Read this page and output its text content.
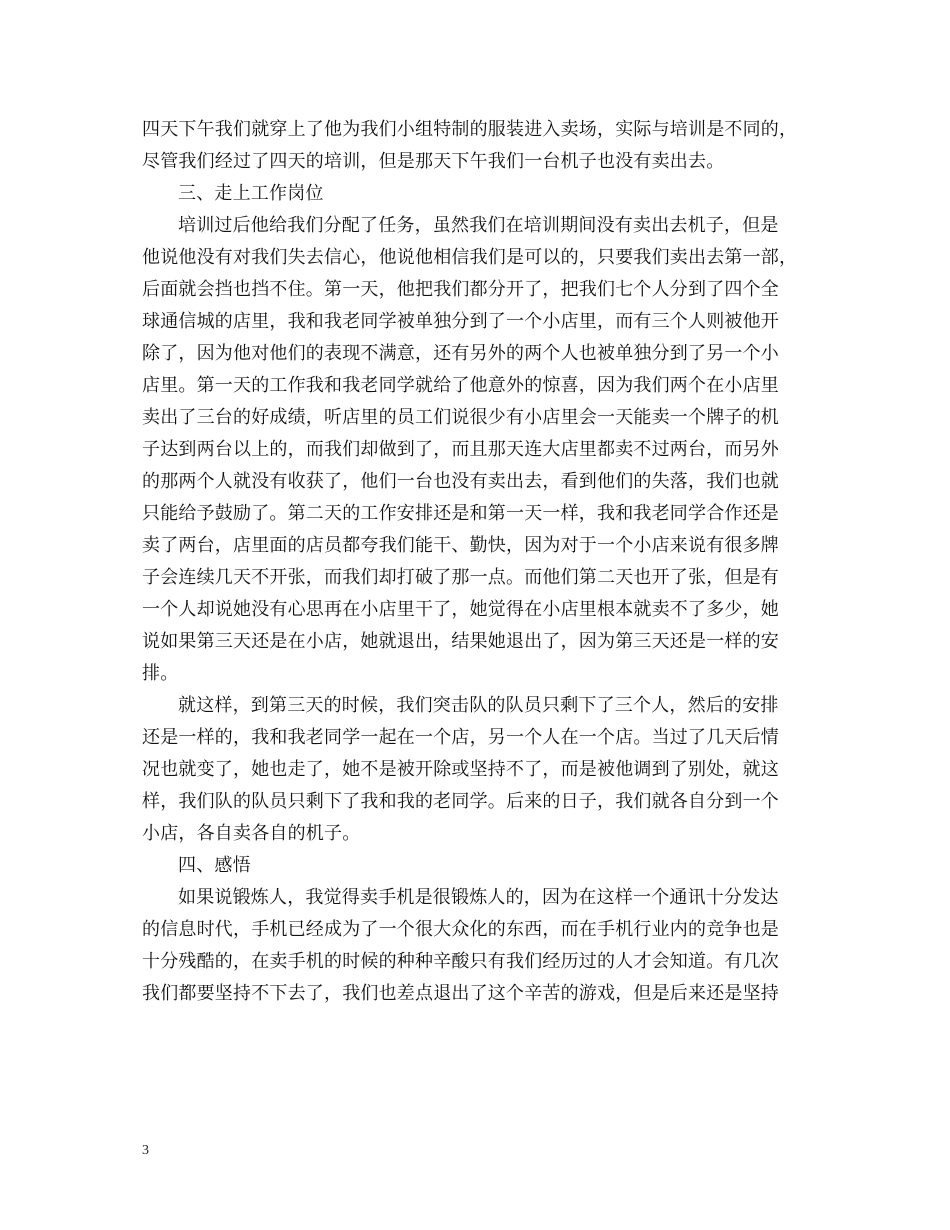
四天下午我们就穿上了他为我们小组特制的服装进入卖场，实际与培训是不同的，
尽管我们经过了四天的培训，但是那天下午我们一台机子也没有卖出去。
三、走上工作岗位
培训过后他给我们分配了任务，虽然我们在培训期间没有卖出去机子，但是
他说他没有对我们失去信心，他说他相信我们是可以的，只要我们卖出去第一部，
后面就会挡也挡不住。第一天，他把我们都分开了，把我们七个人分到了四个全
球通信城的店里，我和我老同学被单独分到了一个小店里，而有三个人则被他开
除了，因为他对他们的表现不满意，还有另外的两个人也被单独分到了另一个小
店里。第一天的工作我和我老同学就给了他意外的惊喜，因为我们两个在小店里
卖出了三台的好成绩，听店里的员工们说很少有小店里会一天能卖一个牌子的机
子达到两台以上的，而我们却做到了，而且那天连大店里都卖不过两台，而另外
的那两个人就没有收获了，他们一台也没有卖出去，看到他们的失落，我们也就
只能给予鼓励了。第二天的工作安排还是和第一天一样，我和我老同学合作还是
卖了两台，店里面的店员都夸我们能干、勤快，因为对于一个小店来说有很多牌
子会连续几天不开张，而我们却打破了那一点。而他们第二天也开了张，但是有
一个人却说她没有心思再在小店里干了，她觉得在小店里根本就卖不了多少，她
说如果第三天还是在小店，她就退出，结果她退出了，因为第三天还是一样的安
排。
就这样，到第三天的时候，我们突击队的队员只剩下了三个人，然后的安排
还是一样的，我和我老同学一起在一个店，另一个人在一个店。当过了几天后情
况也就变了，她也走了，她不是被开除或坚持不了，而是被他调到了别处，就这
样，我们队的队员只剩下了我和我的老同学。后来的日子，我们就各自分到一个
小店，各自卖各自的机子。
四、感悟
如果说锻炼人，我觉得卖手机是很锻炼人的，因为在这样一个通讯十分发达
的信息时代，手机已经成为了一个很大众化的东西，而在手机行业内的竞争也是
十分残酷的，在卖手机的时候的种种辛酸只有我们经历过的人才会知道。有几次
我们都要坚持不下去了，我们也差点退出了这个辛苦的游戏，但是后来还是坚持
3
